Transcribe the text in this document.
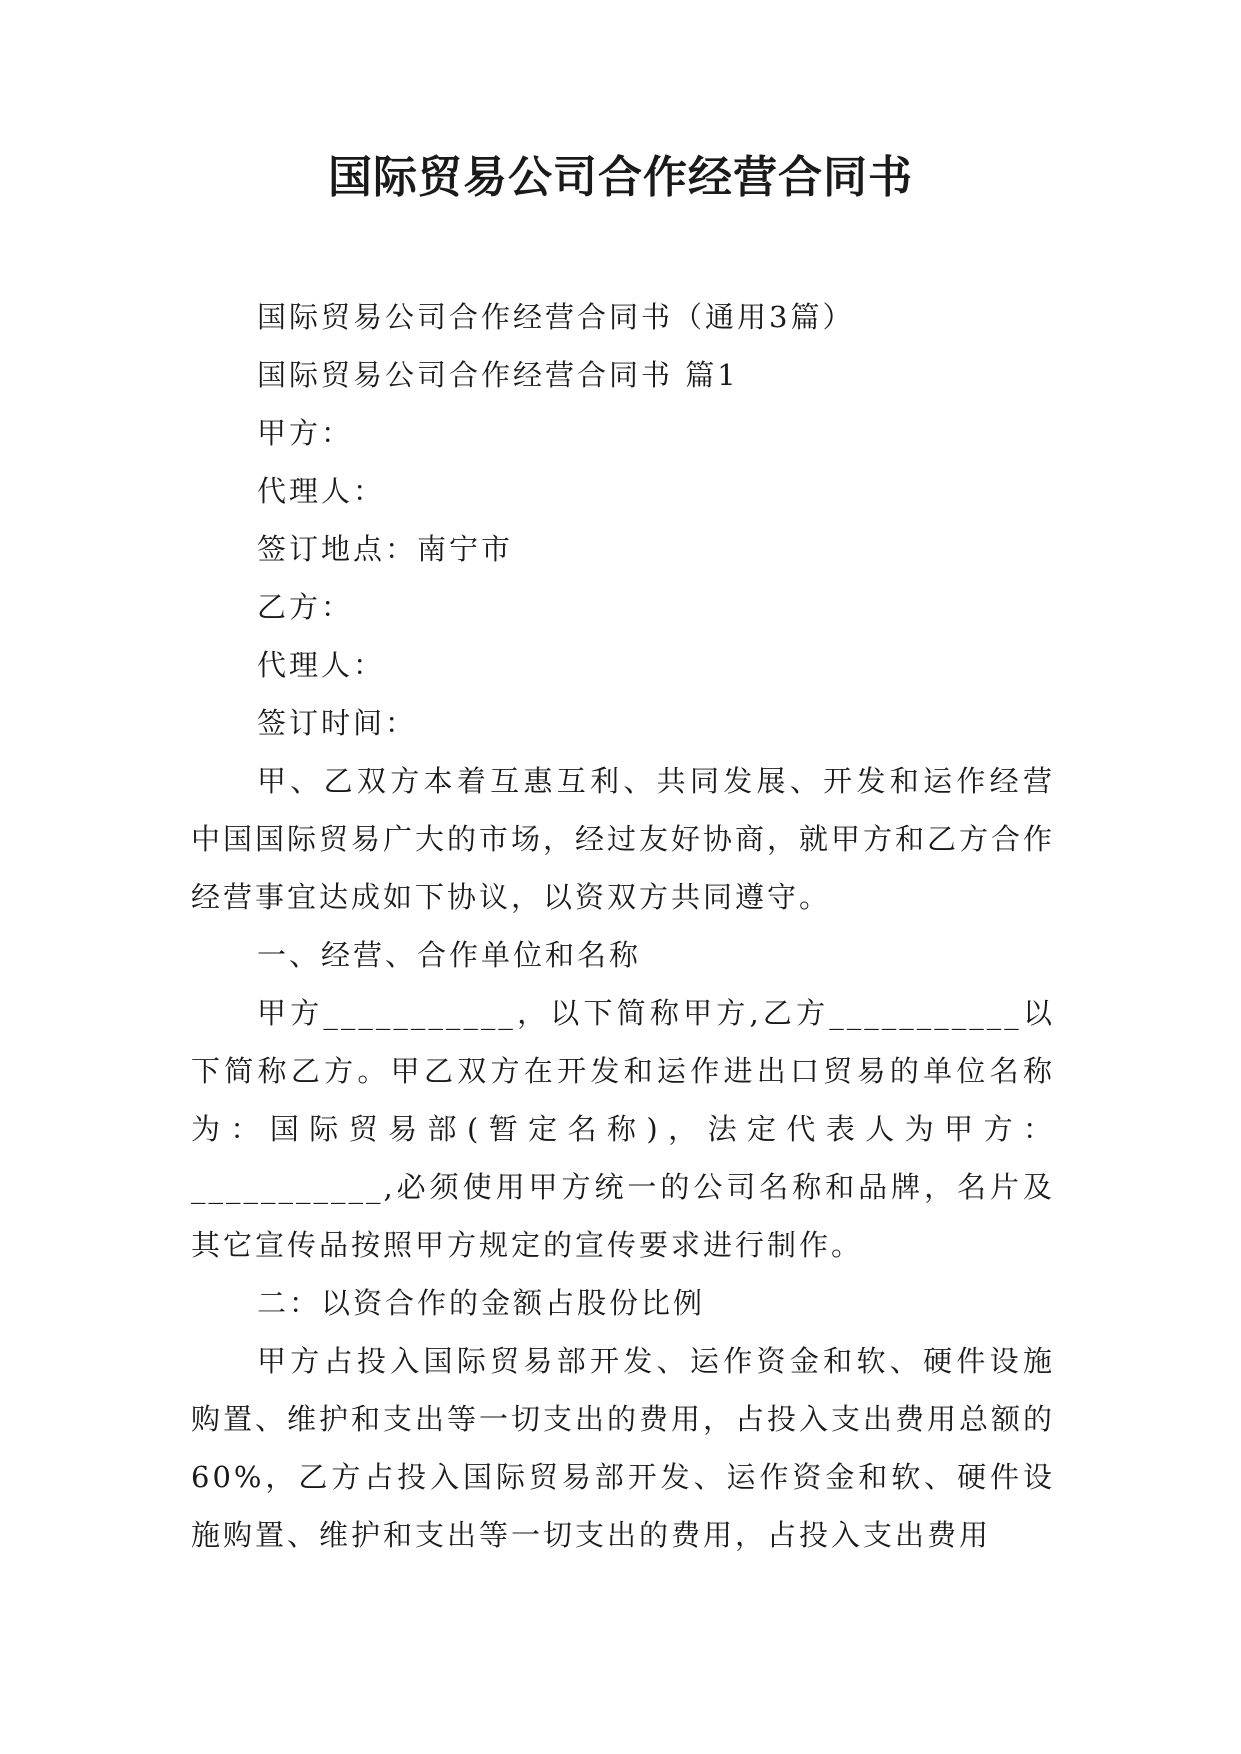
国际贸易公司合作经营合同书

国际贸易公司合作经营合同书（通用3篇）

国际贸易公司合作经营合同书 篇1

甲方：

代理人：

签订地点：南宁市

乙方：

代理人：

签订时间：

甲、乙双方本着互惠互利、共同发展、开发和运作经营中国国际贸易广大的市场，经过友好协商，就甲方和乙方合作经营事宜达成如下协议，以资双方共同遵守。

一、经营、合作单位和名称

甲方___________，以下简称甲方,乙方___________以下简称乙方。甲乙双方在开发和运作进出口贸易的单位名称为：国际贸易部(暂定名称)，法定代表人为甲方：___________,必须使用甲方统一的公司名称和品牌，名片及其它宣传品按照甲方规定的宣传要求进行制作。

二：以资合作的金额占股份比例

甲方占投入国际贸易部开发、运作资金和软、硬件设施购置、维护和支出等一切支出的费用，占投入支出费用总额的60%，乙方占投入国际贸易部开发、运作资金和软、硬件设施购置、维护和支出等一切支出的费用，占投入支出费用
